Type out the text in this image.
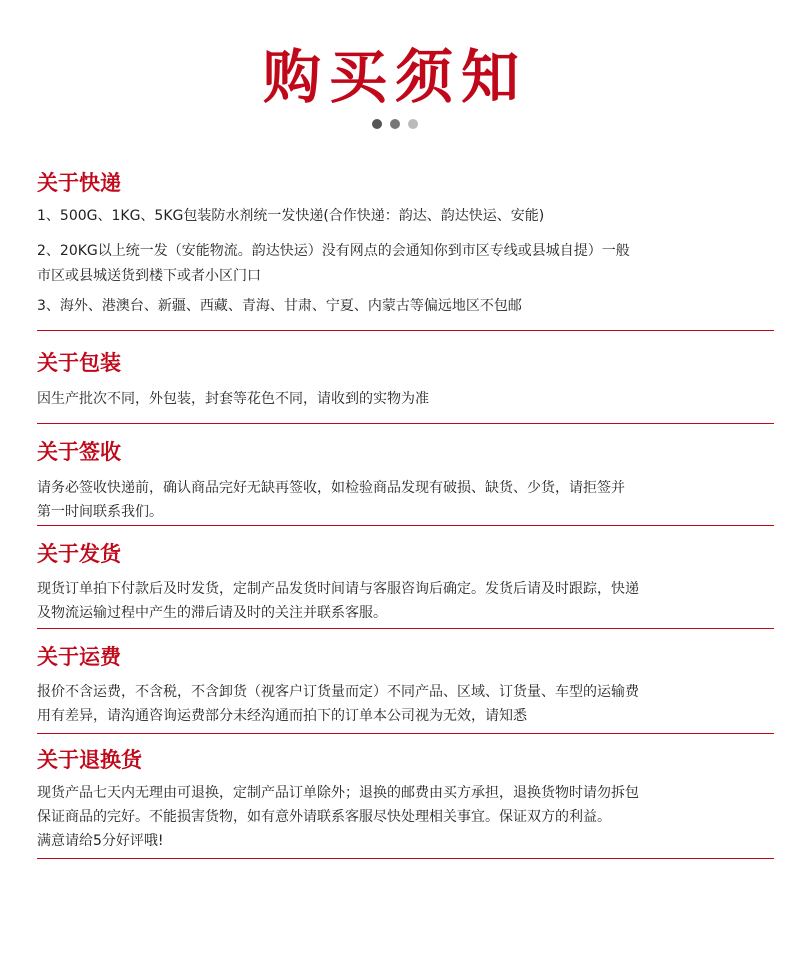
购买须知

关于快递
1、500G、1KG、5KG包装防水剂统一发快递(合作快递：韵达、韵达快运、安能)
2、20KG以上统一发（安能物流。韵达快运）没有网点的会通知你到市区专线或县城自提）一般
市区或县城送货到楼下或者小区门口
3、海外、港澳台、新疆、西藏、青海、甘肃、宁夏、内蒙古等偏远地区不包邮
关于包装
因生产批次不同，外包装，封套等花色不同，请收到的实物为准
关于签收
请务必签收快递前，确认商品完好无缺再签收，如检验商品发现有破损、缺货、少货，请拒签并
第一时间联系我们。
关于发货
现货订单拍下付款后及时发货，定制产品发货时间请与客服咨询后确定。发货后请及时跟踪，快递
及物流运输过程中产生的滞后请及时的关注并联系客服。
关于运费
报价不含运费，不含税，不含卸货（视客户订货量而定）不同产品、区域、订货量、车型的运输费
用有差异，请沟通咨询运费部分未经沟通而拍下的订单本公司视为无效，请知悉
关于退换货
现货产品七天内无理由可退换，定制产品订单除外；退换的邮费由买方承担，退换货物时请勿拆包
保证商品的完好。不能损害货物，如有意外请联系客服尽快处理相关事宜。保证双方的利益。
满意请给5分好评哦!
